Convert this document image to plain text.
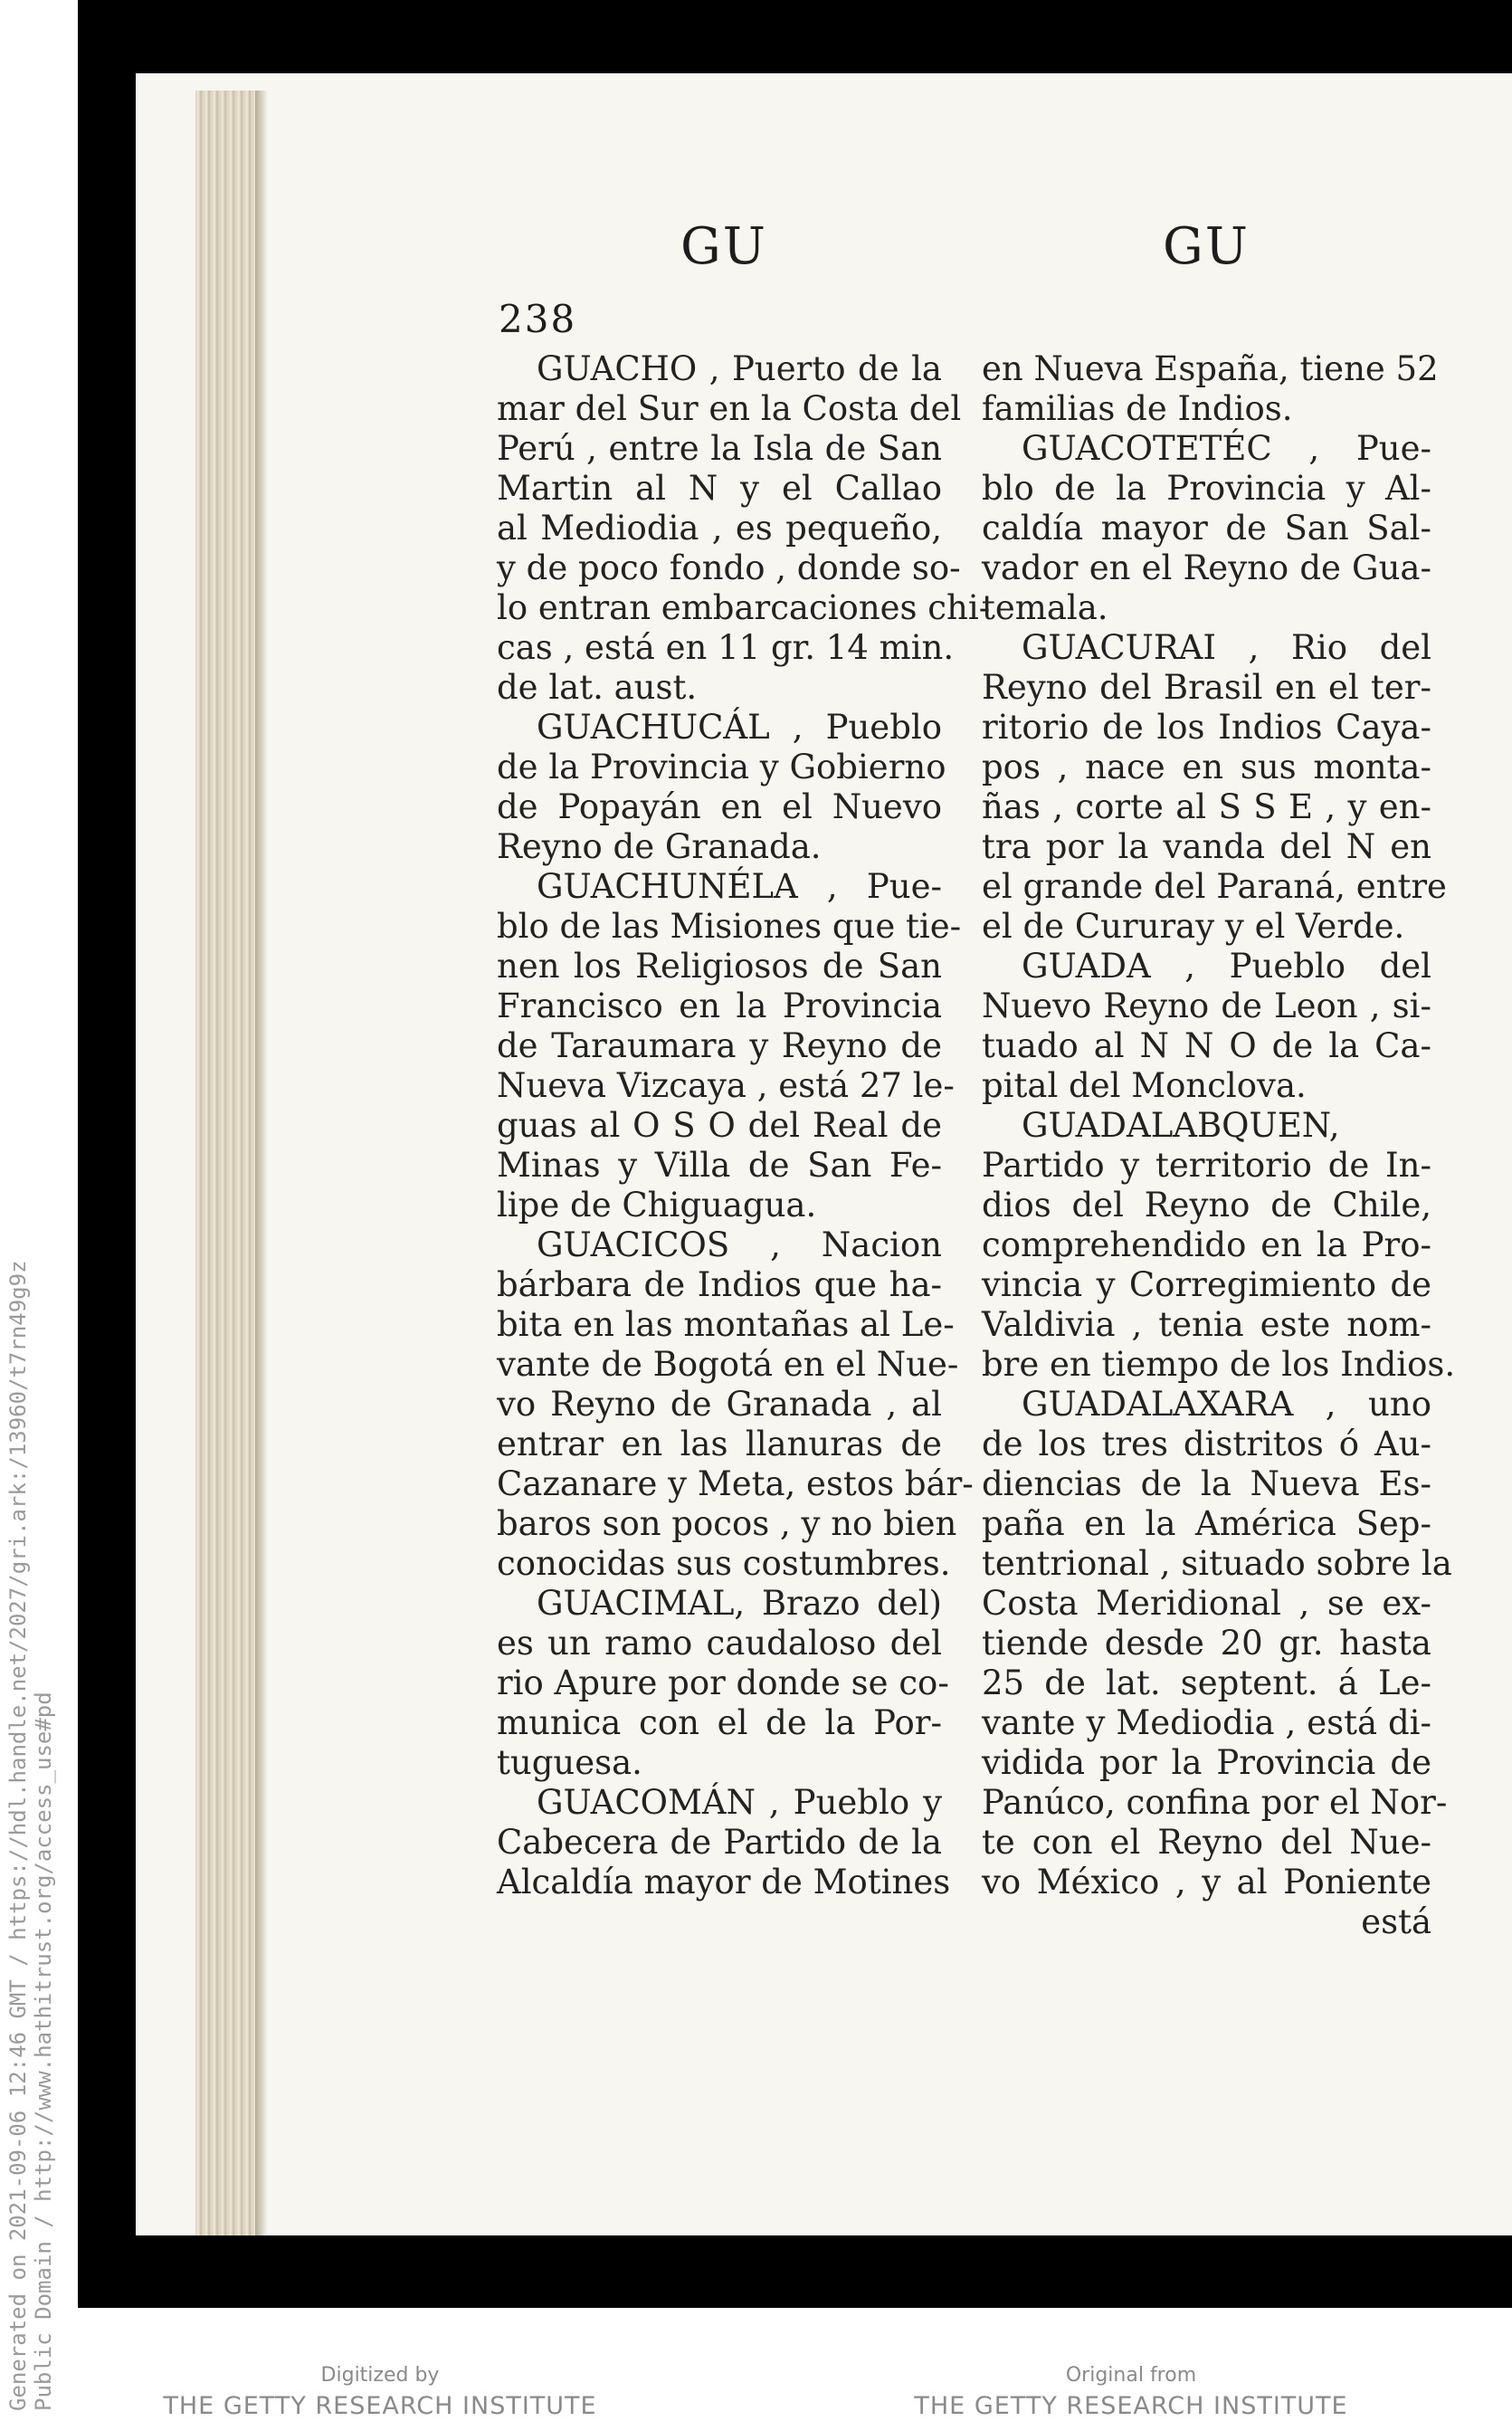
238
GU	GU
GUACHO , Puerto de la
mar del Sur en la Costa del
Perú , entre la Isla de San
Martin al N y el Callao
al Mediodia , es pequeño,
y de poco fondo , donde so-
lo entran embarcaciones chi-
cas , está en 11 gr. 14 min.
de lat. aust.
GUACHUCÁL , Pueblo
de la Provincia y Gobierno
de Popayán en el Nuevo
Reyno de Granada.
GUACHUNÉLA , Pue-
blo de las Misiones que tie-
nen los Religiosos de San
Francisco en la Provincia
de Taraumara y Reyno de
Nueva Vizcaya , está 27 le-
guas al O S O del Real de
Minas y Villa de San Fe-
lipe de Chiguagua.
GUACICOS , Nacion
bárbara de Indios que ha-
bita en las montañas al Le-
vante de Bogotá en el Nue-
vo Reyno de Granada , al
entrar en las llanuras de
Cazanare y Meta, estos bár-
baros son pocos , y no bien
conocidas sus costumbres.
GUACIMAL, Brazo del)
es un ramo caudaloso del
rio Apure por donde se co-
munica con el de la Por-
tuguesa.
GUACOMÁN , Pueblo y
Cabecera de Partido de la
Alcaldía mayor de Motines
en Nueva España, tiene 52
familias de Indios.
GUACOTETÉC , Pue-
blo de la Provincia y Al-
caldía mayor de San Sal-
vador en el Reyno de Gua-
temala.
GUACURAI , Rio del
Reyno del Brasil en el ter-
ritorio de los Indios Caya-
pos , nace en sus monta-
ñas , corte al S S E , y en-
tra por la vanda del N en
el grande del Paraná, entre
el de Cururay y el Verde.
GUADA , Pueblo del
Nuevo Reyno de Leon , si-
tuado al N N O de la Ca-
pital del Monclova.
GUADALABQUEN,
Partido y territorio de In-
dios del Reyno de Chile,
comprehendido en la Pro-
vincia y Corregimiento de
Valdivia , tenia este nom-
bre en tiempo de los Indios.
GUADALAXARA , uno
de los tres distritos ó Au-
diencias de la Nueva Es-
paña en la América Sep-
tentrional , situado sobre la
Costa Meridional , se ex-
tiende desde 20 gr. hasta
25 de lat. septent. á Le-
vante y Mediodia , está di-
vidida por la Provincia de
Panúco, confina por el Nor-
te con el Reyno del Nue-
vo México , y al Poniente
está
Generated on 2021-09-06 12:46 GMT / https://hdl.handle.net/2027/gri.ark:/13960/t7rn49g9z Public Domain / http://www.hathitrust.org/access_use#pd	Digitized by
THE GETTY RESEARCH INSTITUTE
Original from
THE GETTY RESEARCH INSTITUTE
